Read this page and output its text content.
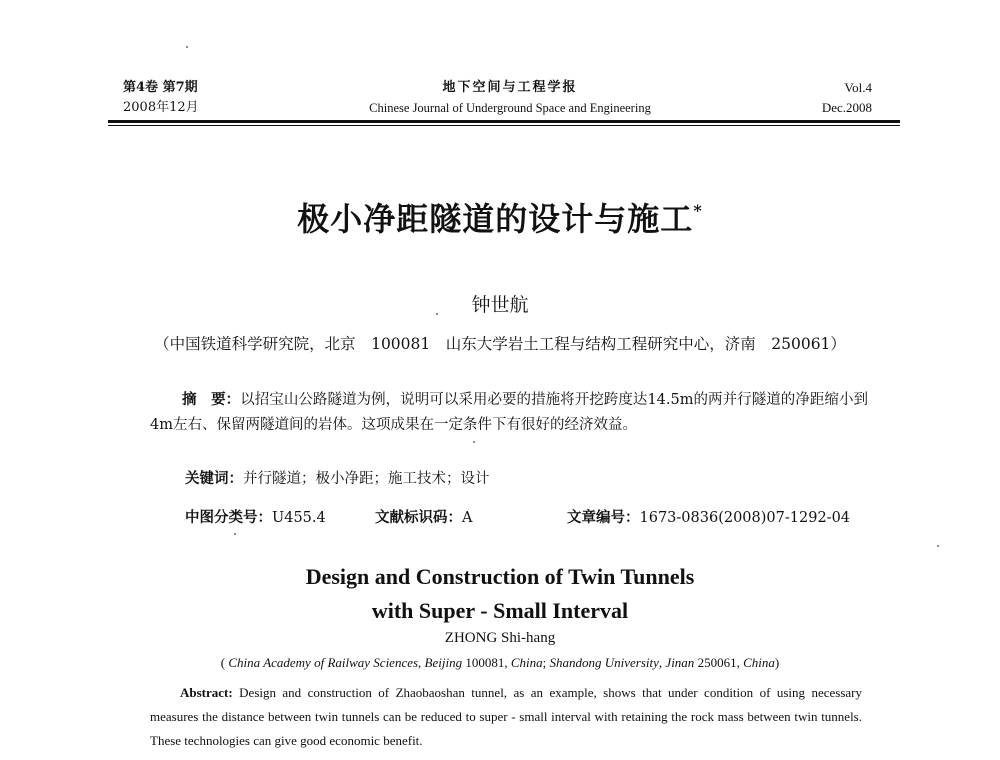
第4卷 第7期
2008年12月
地下空间与工程学报
Chinese Journal of Underground Space and Engineering
Vol.4
Dec.2008
极小净距隧道的设计与施工*
钟世航
（中国铁道科学研究院，北京　100081　山东大学岩土工程与结构工程研究中心，济南　250061）
摘　要：以招宝山公路隧道为例，说明可以采用必要的措施将开挖跨度达14.5m的两并行隧道的净距缩小到4m左右、保留两隧道间的岩体。这项成果在一定条件下有很好的经济效益。
关键词：并行隧道；极小净距；施工技术；设计
中图分类号：U455.4	文献标识码：A	文章编号：1673-0836(2008)07-1292-04
Design and Construction of Twin Tunnels
with Super - Small Interval
ZHONG Shi-hang
( China Academy of Railway Sciences, Beijing 100081, China; Shandong University, Jinan 250061, China)
Abstract: Design and construction of Zhaobaoshan tunnel, as an example, shows that under condition of using necessary measures the distance between twin tunnels can be reduced to super - small interval with retaining the rock mass between twin tunnels. These technologies can give good economic benefit.
